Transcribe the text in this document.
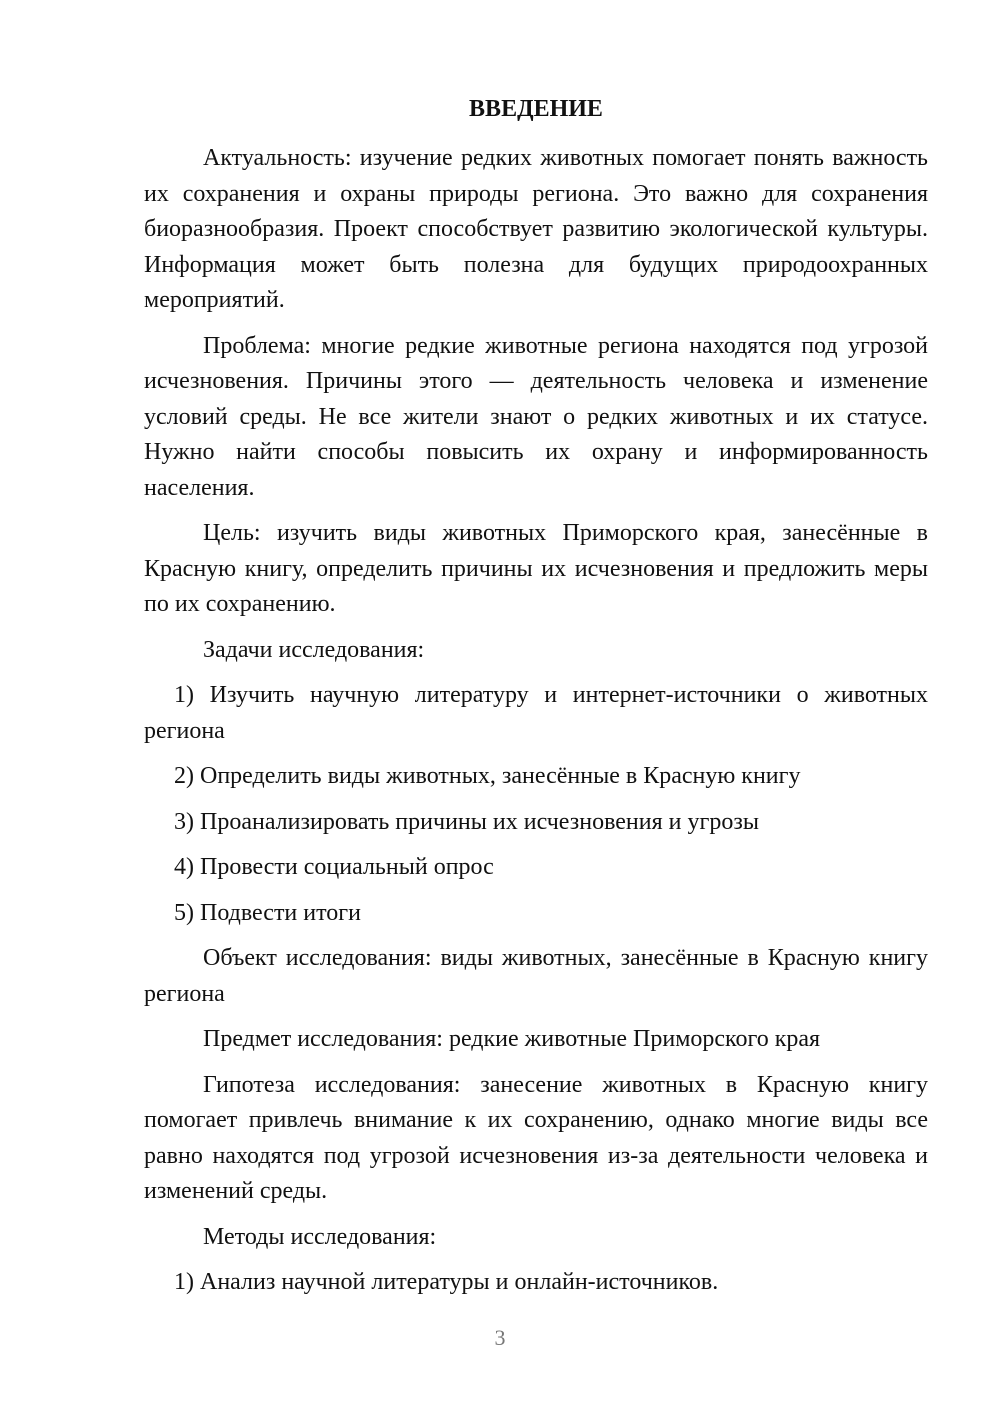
ВВЕДЕНИЕ

Актуальность: изучение редких животных помогает понять важность их сохранения и охраны природы региона. Это важно для сохранения биоразнообразия. Проект способствует развитию экологической культуры. Информация может быть полезна для будущих природоохранных мероприятий.

Проблема: многие редкие животные региона находятся под угрозой исчезновения. Причины этого — деятельность человека и изменение условий среды. Не все жители знают о редких животных и их статусе. Нужно найти способы повысить их охрану и информированность населения.

Цель: изучить виды животных Приморского края, занесённые в Красную книгу, определить причины их исчезновения и предложить меры по их сохранению.

Задачи исследования:

1) Изучить научную литературу и интернет-источники о животных региона

2) Определить виды животных, занесённые в Красную книгу

3) Проанализировать причины их исчезновения и угрозы

4) Провести социальный опрос

5) Подвести итоги

Объект исследования: виды животных, занесённые в Красную книгу региона

Предмет исследования: редкие животные Приморского края

Гипотеза исследования: занесение животных в Красную книгу помогает привлечь внимание к их сохранению, однако многие виды все равно находятся под угрозой исчезновения из-за деятельности человека и изменений среды.

Методы исследования:

1) Анализ научной литературы и онлайн-источников.

3
